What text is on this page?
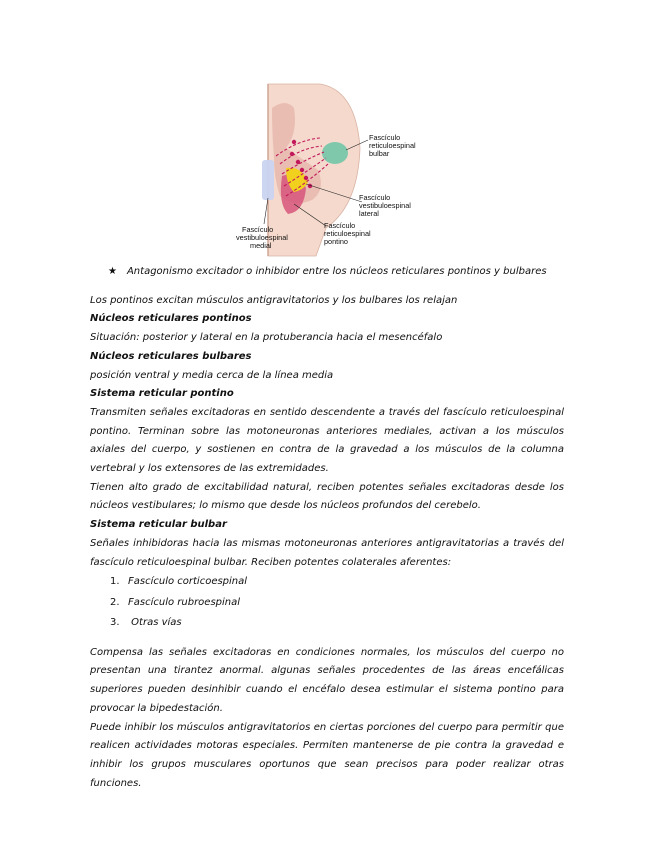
Fascículo reticuloespinal bulbar
Fascículo vestibuloespinal lateral
Fascículo reticuloespinal pontino
Fascículo vestibuloespinal medial

★ Antagonismo excitador o inhibidor entre los núcleos reticulares pontinos y bulbares

Los pontinos excitan músculos antigravitatorios y los bulbares los relajan

Núcleos reticulares pontinos

Situación: posterior y lateral en la protuberancia hacia el mesencéfalo

Núcleos reticulares bulbares

posición ventral y media cerca de la línea media

Sistema reticular pontino

Transmiten señales excitadoras en sentido descendente a través del fascículo reticuloespinal pontino. Terminan sobre las motoneuronas anteriores mediales, activan a los músculos axiales del cuerpo, y sostienen en contra de la gravedad a los músculos de la columna vertebral y los extensores de las extremidades.

Tienen alto grado de excitabilidad natural, reciben potentes señales excitadoras desde los núcleos vestibulares; lo mismo que desde los núcleos profundos del cerebelo.

Sistema reticular bulbar

Señales inhibidoras hacia las mismas motoneuronas anteriores antigravitatorias a través del fascículo reticuloespinal bulbar. Reciben potentes colaterales aferentes:

1. Fascículo corticoespinal
2. Fascículo rubroespinal
3. Otras vías

Compensa las señales excitadoras en condiciones normales, los músculos del cuerpo no presentan una tirantez anormal. algunas señales procedentes de las áreas encefálicas superiores pueden desinhibir cuando el encéfalo desea estimular el sistema pontino para provocar la bipedestación.

Puede inhibir los músculos antigravitatorios en ciertas porciones del cuerpo para permitir que realicen actividades motoras especiales. Permiten mantenerse de pie contra la gravedad e inhibir los grupos musculares oportunos que sean precisos para poder realizar otras funciones.
